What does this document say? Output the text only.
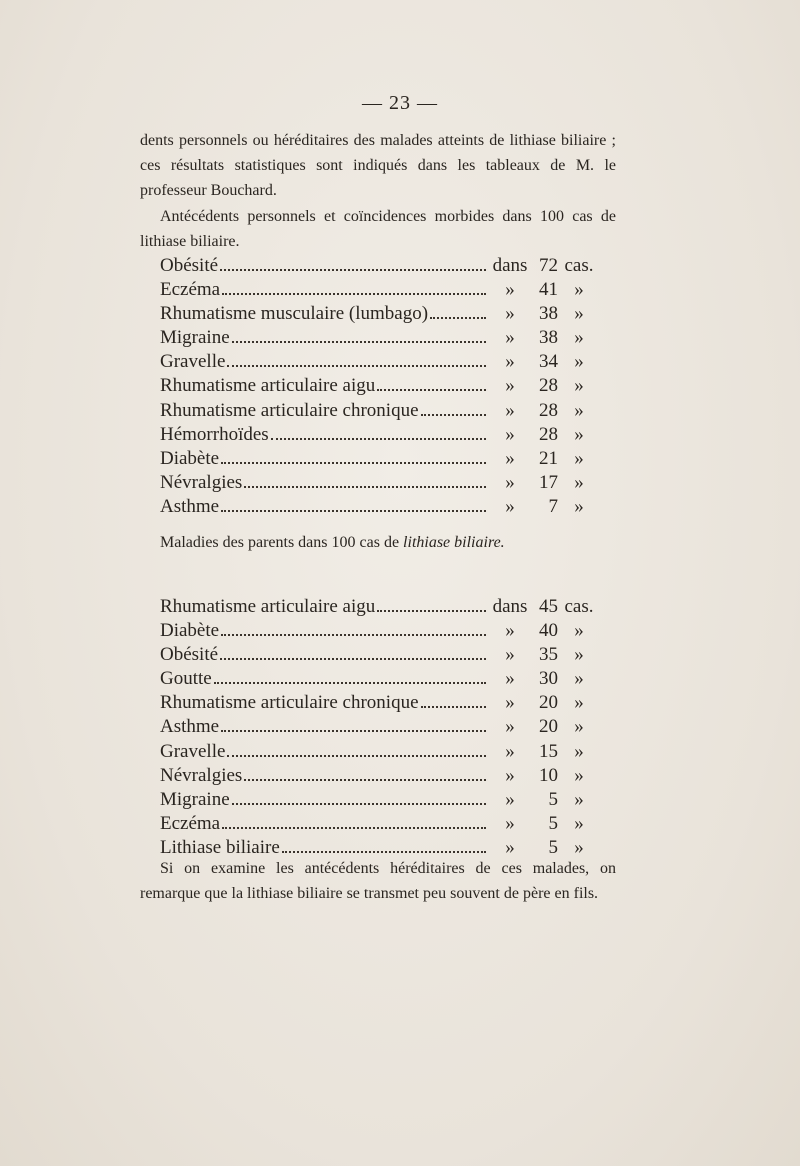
— 23 —
dents personnels ou héréditaires des malades atteints de lithiase biliaire ; ces résultats statistiques sont indiqués dans les tableaux de M. le professeur Bouchard.
Antécédents personnels et coïncidences morbides dans 100 cas de lithiase biliaire.
Obésité	dans 72 cas.
Eczéma	»	41 »
Rhumatisme musculaire (lumbago)	»	38 »
Migraine	»	38 »
Gravelle	»	34 »
Rhumatisme articulaire aigu	»	28 »
Rhumatisme articulaire chronique	»	28 »
Hémorrhoïdes	»	28 »
Diabète	»	21 »
Névralgies	»	17 »
Asthme	»	7 »
Maladies des parents dans 100 cas de lithiase biliaire.
Rhumatisme articulaire aigu	dans 45 cas.
Diabète	»	40 »
Obésité	»	35 »
Goutte	»	30 »
Rhumatisme articulaire chronique	»	20 »
Asthme	»	20 »
Gravelle	»	15 »
Névralgies	»	10 »
Migraine	»	5 »
Eczéma	»	5 »
Lithiase biliaire	»	5 »
Si on examine les antécédents héréditaires de ces malades, on remarque que la lithiase biliaire se transmet peu souvent de père en fils.
